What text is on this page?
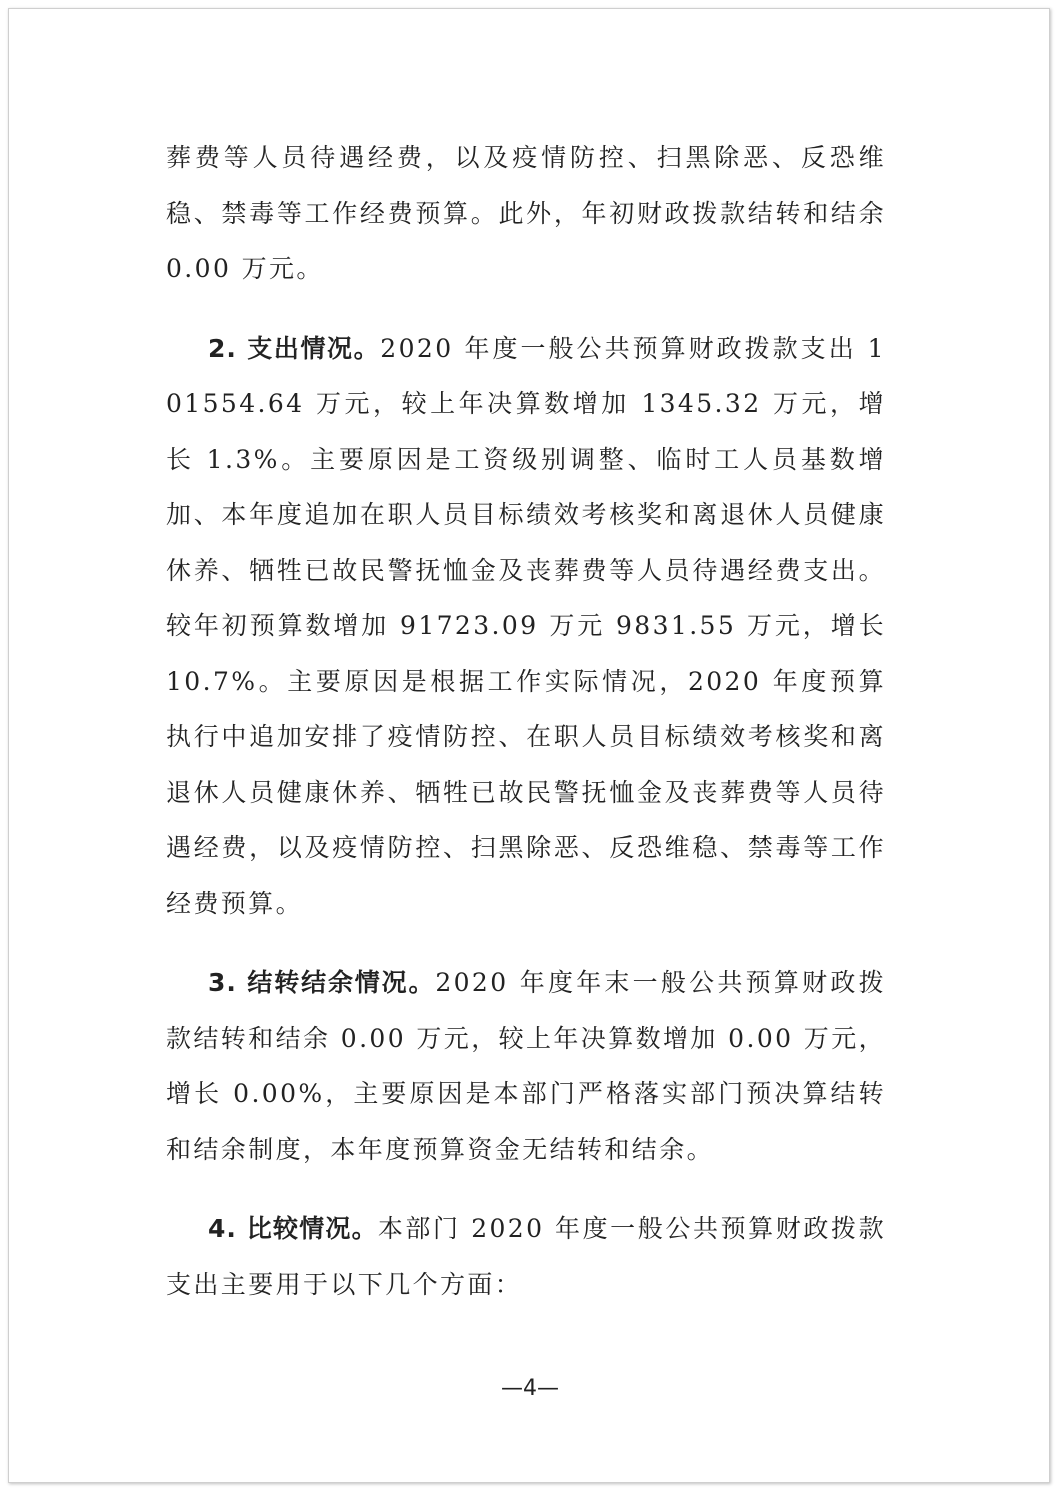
葬费等人员待遇经费，以及疫情防控、扫黑除恶、反恐维稳、禁毒等工作经费预算。此外，年初财政拨款结转和结余 0.00 万元。

2. 支出情况。2020 年度一般公共预算财政拨款支出 101554.64 万元，较上年决算数增加 1345.32 万元，增长 1.3%。主要原因是工资级别调整、临时工人员基数增加、本年度追加在职人员目标绩效考核奖和离退休人员健康休养、牺牲已故民警抚恤金及丧葬费等人员待遇经费支出。较年初预算数增加 91723.09 万元 9831.55 万元，增长 10.7%。主要原因是根据工作实际情况，2020 年度预算执行中追加安排了疫情防控、在职人员目标绩效考核奖和离退休人员健康休养、牺牲已故民警抚恤金及丧葬费等人员待遇经费，以及疫情防控、扫黑除恶、反恐维稳、禁毒等工作经费预算。

3. 结转结余情况。2020 年度年末一般公共预算财政拨款结转和结余 0.00 万元，较上年决算数增加 0.00 万元，增长 0.00%，主要原因是本部门严格落实部门预决算结转和结余制度，本年度预算资金无结转和结余。

4. 比较情况。本部门 2020 年度一般公共预算财政拨款支出主要用于以下几个方面：

—4—
